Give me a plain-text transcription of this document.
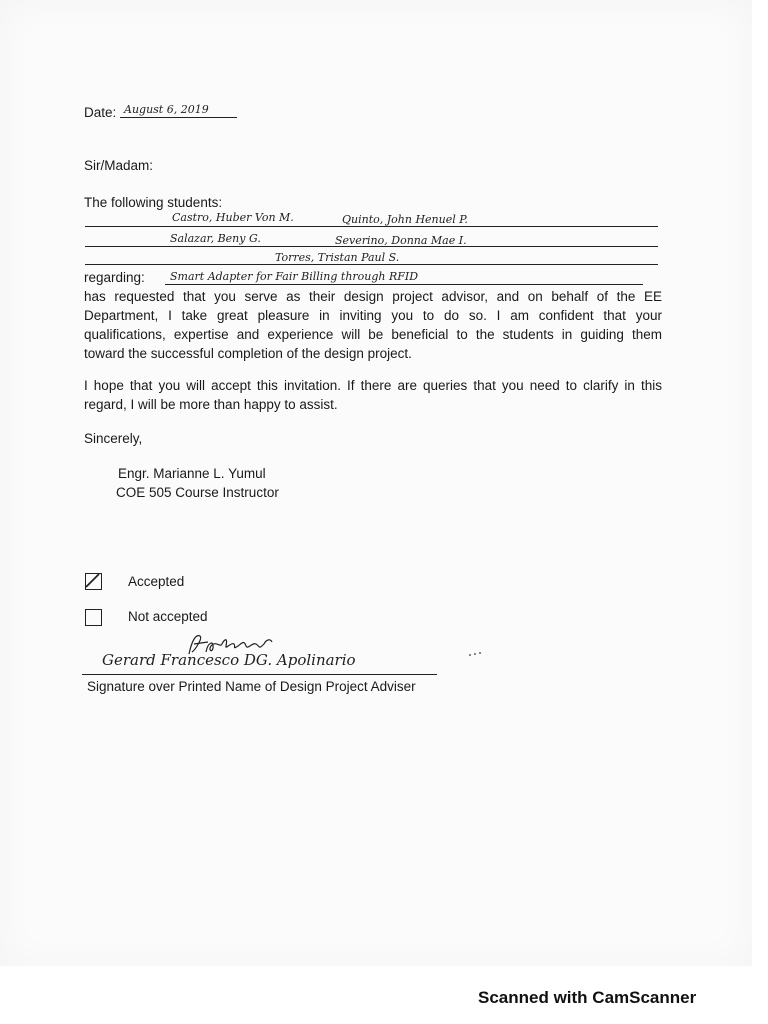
Date: August 6, 2019
Sir/Madam:
The following students:
Castro, Huber Von M.	Quinto, John Henuel P.
Salazar, Beny G.	Severino, Donna Mae I.
Torres, Tristan Paul S.
regarding: Smart Adapter for Fair Billing through RFID
has requested that you serve as their design project advisor, and on behalf of the EE
Department, I take great pleasure in inviting you to do so. I am confident that your
qualifications, expertise and experience will be beneficial to the students in guiding them
toward the successful completion of the design project.
I hope that you will accept this invitation. If there are queries that you need to clarify in this
regard, I will be more than happy to assist.
Sincerely,
Engr. Marianne L. Yumul
COE 505 Course Instructor
Accepted
Not accepted
Gerard Francesco DG. Apolinario
Signature over Printed Name of Design Project Adviser
Scanned with CamScanner
